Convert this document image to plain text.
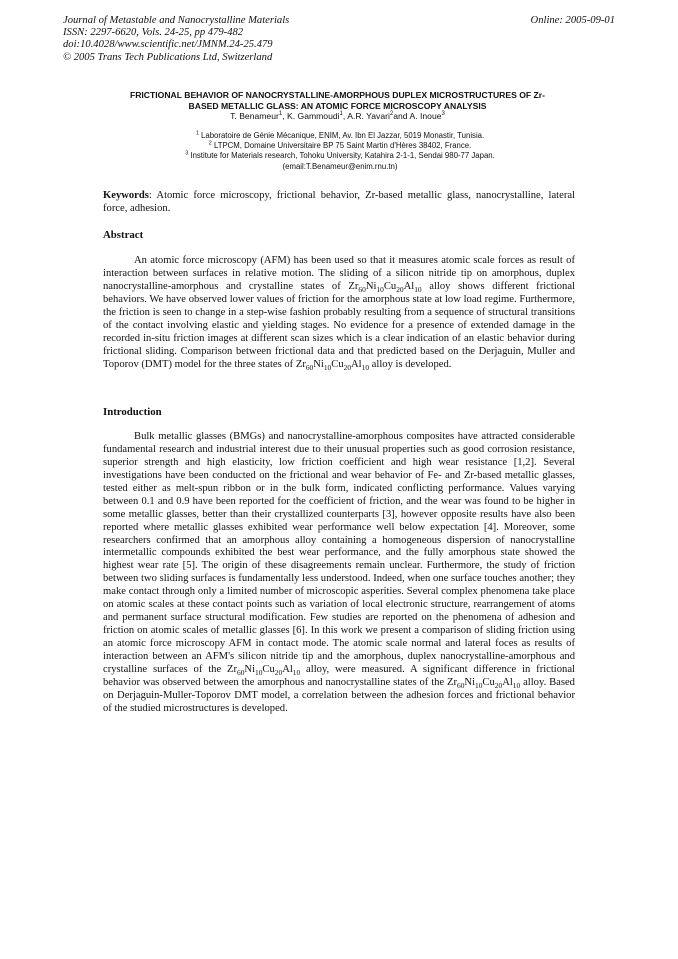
Journal of Metastable and Nanocrystalline Materials
ISSN: 2297-6620, Vols. 24-25, pp 479-482
doi:10.4028/www.scientific.net/JMNM.24-25.479
© 2005 Trans Tech Publications Ltd, Switzerland
Online: 2005-09-01
FRICTIONAL BEHAVIOR OF NANOCRYSTALLINE-AMORPHOUS DUPLEX MICROSTRUCTURES OF Zr-
BASED METALLIC GLASS: AN ATOMIC FORCE MICROSCOPY ANALYSIS
T. Benameur$^1$, K. Gammoudi$^1$, A.R. Yavari$^2$and A. Inoue$^3$
$^1$ Laboratoire de Génie Mécanique, ENIM, Av. Ibn El Jazzar, 5019 Monastir, Tunisia.
$^2$ LTPCM, Domaine Universitaire BP 75 Saint Martin d'Hères 38402, France.
$^3$ Institute for Materials research, Tohoku University, Katahira 2-1-1, Sendai 980-77 Japan.
(email:T.Benameur@enim.rnu.tn)
Keywords: Atomic force microscopy, frictional behavior, Zr-based metallic glass, nanocrystalline, lateral force, adhesion.
Abstract

An atomic force microscopy (AFM) has been used so that it measures atomic scale forces as result of interaction between surfaces in relative motion. The sliding of a silicon nitride tip on amorphous, duplex nanocrystalline-amorphous and crystalline states of $Zr_{60}Ni_{10}Cu_{20}Al_{10}$ alloy shows different frictional behaviors. We have observed lower values of friction for the amorphous state at low load regime. Furthermore, the friction is seen to change in a step-wise fashion probably resulting from a sequence of structural transitions of the contact involving elastic and yielding stages. No evidence for a presence of extended damage in the recorded in-situ friction images at different scan sizes which is a clear indication of an elastic behavior during frictional sliding. Comparison between frictional data and that predicted based on the Derjaguin, Muller and Toporov (DMT) model for the three states of $Zr_{60}Ni_{10}Cu_{20}Al_{10}$ alloy is developed.

Introduction

Bulk metallic glasses (BMGs) and nanocrystalline-amorphous composites have attracted considerable fundamental research and industrial interest due to their unusual properties such as good corrosion resistance, superior strength and high elasticity, low friction coefficient and high wear resistance [1,2]. Several investigations have been conducted on the frictional and wear behavior of Fe- and Zr-based metallic glasses, tested either as melt-spun ribbon or in the bulk form, indicated conflicting performance. Values varying between 0.1 and 0.9 have been reported for the coefficient of friction, and the wear was found to be higher in some metallic glasses, better than their crystallized counterparts [3], however opposite results have also been reported where metallic glasses exhibited wear performance well below expectation [4]. Moreover, some researchers confirmed that an amorphous alloy containing a homogeneous dispersion of nanocrystalline intermetallic compounds exhibited the best wear performance, and the fully amorphous state showed the highest wear rate [5]. The origin of these disagreements remain unclear. Furthermore, the study of friction between two sliding surfaces is fundamentally less understood. Indeed, when one surface touches another; they make contact through only a limited number of microscopic asperities. Several complex phenomena take place on atomic scales at these contact points such as variation of local electronic structure, rearrangement of atoms and permanent surface structural modification. Few studies are reported on the phenomena of adhesion and friction on atomic scales of metallic glasses [6]. In this work we present a comparison of sliding friction using an atomic force microscopy AFM in contact mode. The atomic scale normal and lateral foces as results of interaction between an AFM's silicon nitride tip and the amorphous, duplex nanocrystalline-amorphous and crystalline surfaces of the $Zr_{60}Ni_{10}Cu_{20}Al_{10}$ alloy, were measured. A significant difference in frictional behavior was observed between the amorphous and nanocrystalline states of the $Zr_{60}Ni_{10}Cu_{20}Al_{10}$ alloy. Based on Derjaguin-Muller-Toporov DMT model, a correlation between the adhesion forces and frictional behavior of the studied microstructures is developed.
